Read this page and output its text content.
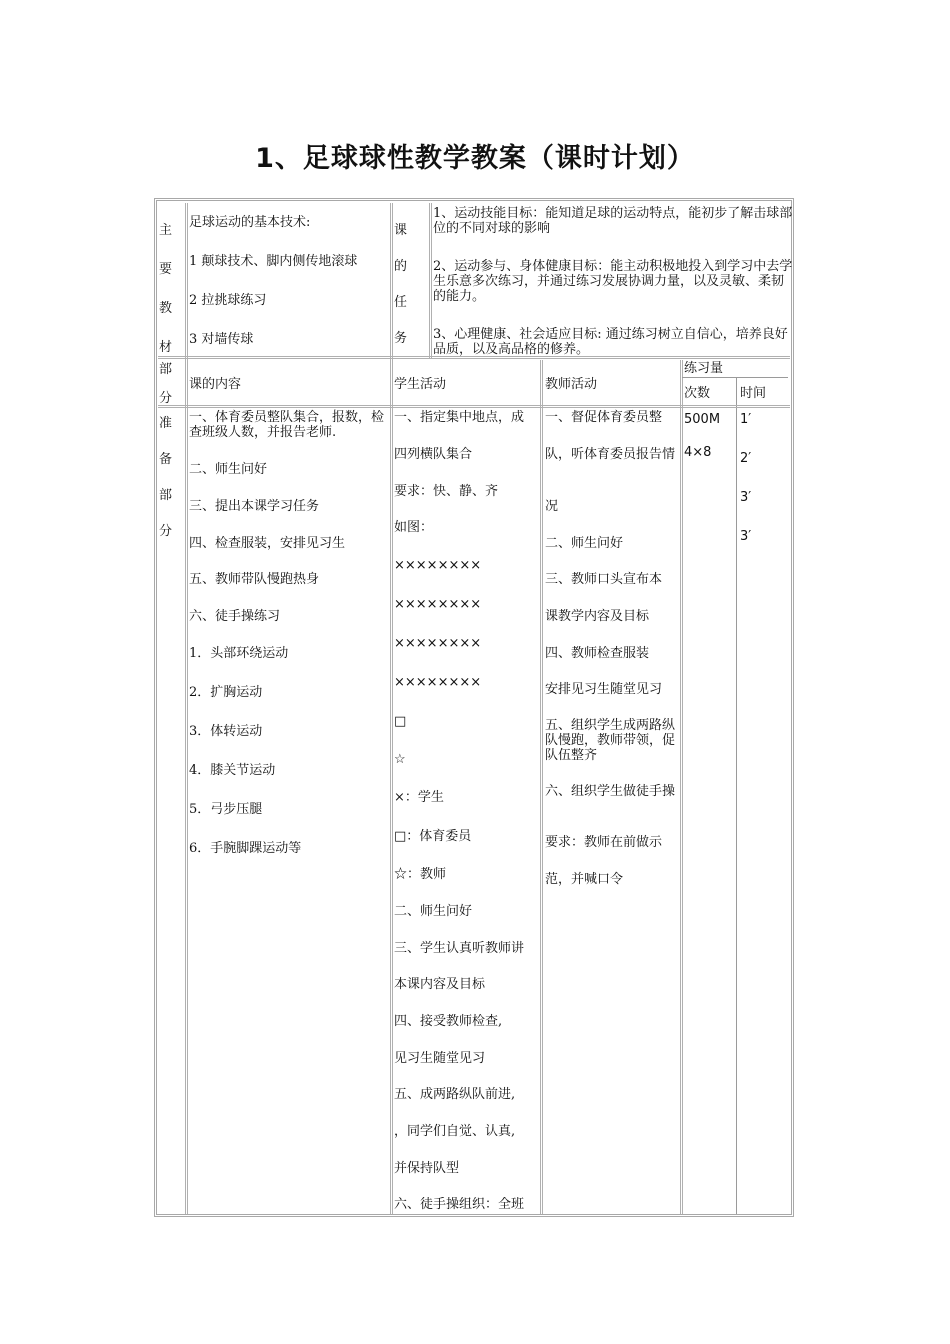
1、足球球性教学教案（课时计划）
主
要
教
材
足球运动的基本技术:
1 颠球技术、脚内侧传地滚球
2 拉挑球练习
3 对墙传球
课
的
任
务
1、运动技能目标：能知道足球的运动特点，能初步了解击球部位的不同对球的影响
2、运动参与、身体健康目标：能主动积极地投入到学习中去学生乐意多次练习，并通过练习发展协调力量，以及灵敏、柔韧的能力。
3、心理健康、社会适应目标: 通过练习树立自信心，培养良好品质，以及高品格的修养。
部
分
课的内容	学生活动	教师活动
练习量
次数 时间
准
备
部
分
一、体育委员整队集合，报数，检查班级人数，并报告老师.
二、师生问好
三、提出本课学习任务
四、检查服装，安排见习生
五、教师带队慢跑热身
六、徒手操练习
1．头部环绕运动
2．扩胸运动
3．体转运动
4．膝关节运动
5．弓步压腿
6．手腕脚踝运动等
一、指定集中地点，成
四列横队集合
要求：快、静、齐
如图：
××××××××
××××××××
××××××××
××××××××
□
☆
×：学生
□：体育委员
☆：教师
二、师生问好
三、学生认真听教师讲
本课内容及目标
四、接受教师检查,
见习生随堂见习
五、成两路纵队前进,
，同学们自觉、认真,
并保持队型
六、徒手操组织：全班
一、督促体育委员整
队，听体育委员报告情
况
二、师生问好
三、教师口头宣布本
课教学内容及目标
四、教师检查服装
安排见习生随堂见习
五、组织学生成两路纵队慢跑，教师带领，促队伍整齐
六、组织学生做徒手操
要求：教师在前做示
范，并喊口令
500M
4×8
1′
2′
3′
3′
